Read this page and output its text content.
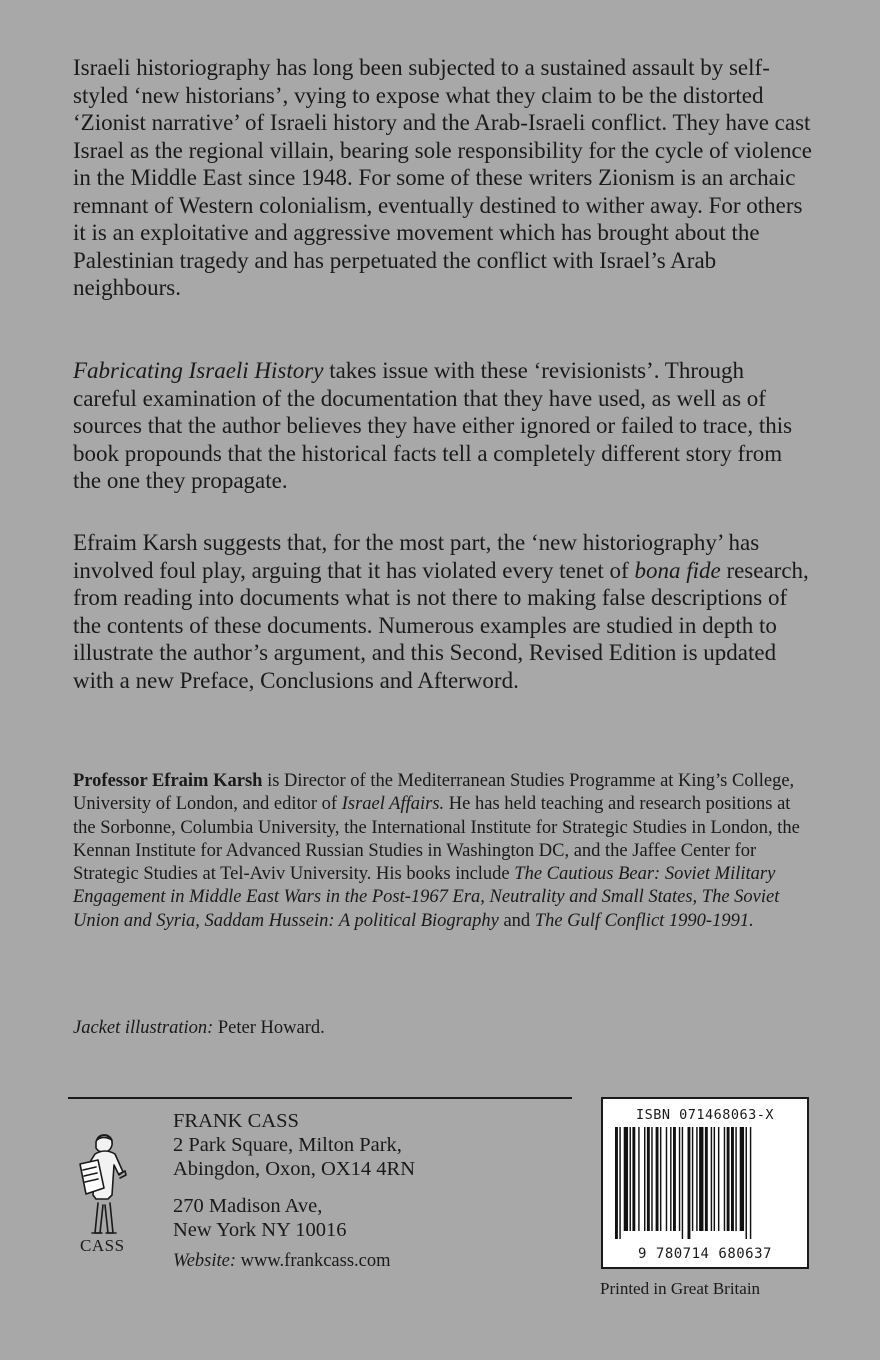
Israeli historiography has long been subjected to a sustained assault by self-styled ‘new historians’, vying to expose what they claim to be the distorted ‘Zionist narrative’ of Israeli history and the Arab-Israeli conflict. They have cast Israel as the regional villain, bearing sole responsibility for the cycle of violence in the Middle East since 1948. For some of these writers Zionism is an archaic remnant of Western colonialism, eventually destined to wither away. For others it is an exploitative and aggressive movement which has brought about the Palestinian tragedy and has perpetuated the conflict with Israel’s Arab neighbours.

Fabricating Israeli History takes issue with these ‘revisionists’. Through careful examination of the documentation that they have used, as well as of sources that the author believes they have either ignored or failed to trace, this book propounds that the historical facts tell a completely different story from the one they propagate.

Efraim Karsh suggests that, for the most part, the ‘new historiography’ has involved foul play, arguing that it has violated every tenet of bona fide research, from reading into documents what is not there to making false descriptions of the contents of these documents. Numerous examples are studied in depth to illustrate the author’s argument, and this Second, Revised Edition is updated with a new Preface, Conclusions and Afterword.

Professor Efraim Karsh is Director of the Mediterranean Studies Programme at King’s College, University of London, and editor of Israel Affairs. He has held teaching and research positions at the Sorbonne, Columbia University, the International Institute for Strategic Studies in London, the Kennan Institute for Advanced Russian Studies in Washington DC, and the Jaffee Center for Strategic Studies at Tel-Aviv University. His books include The Cautious Bear: Soviet Military Engagement in Middle East Wars in the Post-1967 Era, Neutrality and Small States, The Soviet Union and Syria, Saddam Hussein: A political Biography and The Gulf Conflict 1990-1991.

Jacket illustration: Peter Howard.

CASS

FRANK CASS
2 Park Square, Milton Park,
Abingdon, Oxon, OX14 4RN

270 Madison Ave,
New York NY 10016

Website: www.frankcass.com

ISBN 071468063-X
9 780714 680637

Printed in Great Britain
